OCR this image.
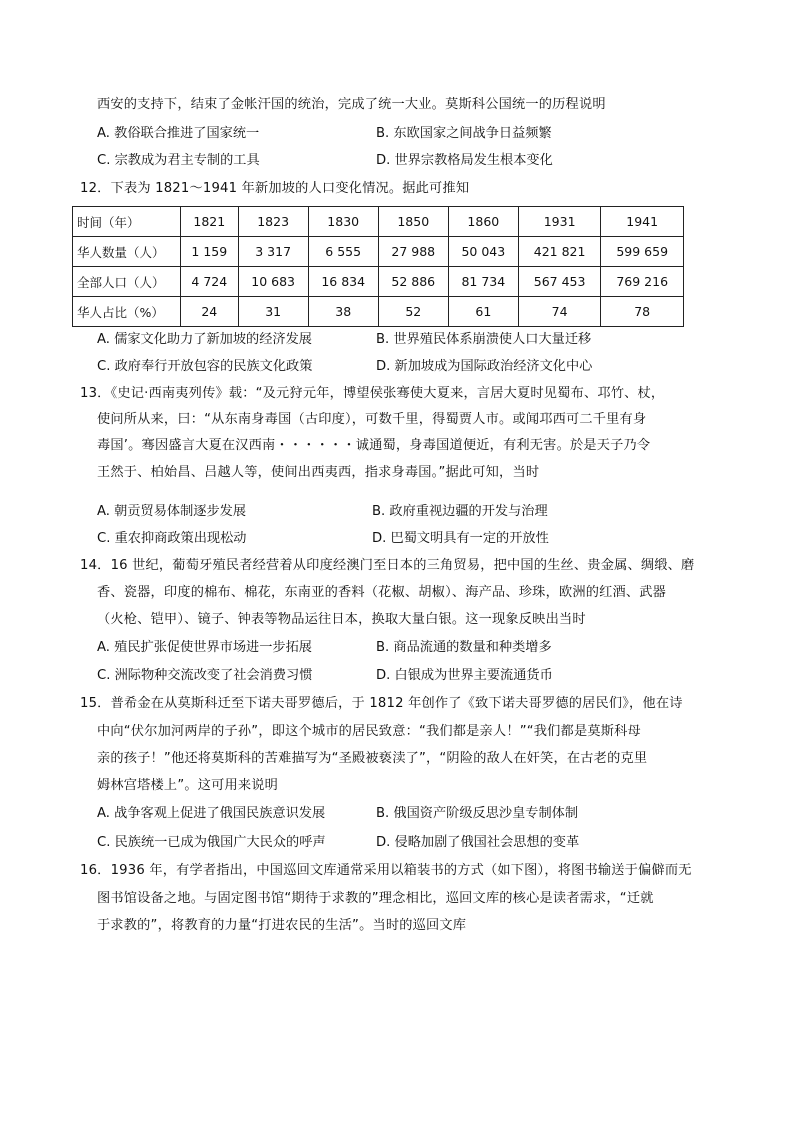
西安的支持下，结束了金帐汗国的统治，完成了统一大业。莫斯科公国统一的历程说明
A. 教俗联合推进了国家统一	B. 东欧国家之间战争日益频繁
C. 宗教成为君主专制的工具	D. 世界宗教格局发生根本变化
12．下表为 1821～1941 年新加坡的人口变化情况。据此可推知
时间（年）	1821	1823	1830	1850	1860	1931	1941
华人数量（人）	1 159	3 317	6 555	27 988	50 043	421 821	599 659
全部人口（人）	4 724	10 683	16 834	52 886	81 734	567 453	769 216
华人占比（%）	24	31	38	52	61	74	78
A. 儒家文化助力了新加坡的经济发展	B. 世界殖民体系崩溃使人口大量迁移
C. 政府奉行开放包容的民族文化政策	D. 新加坡成为国际政治经济文化中心
13．《史记·西南夷列传》载：“及元狩元年，博望侯张骞使大夏来，言居大夏时见蜀布、邛竹、杖，
使问所从来，曰：“从东南身毒国（古印度），可数千里，得蜀贾人市。或闻邛西可二千里有身
毒国’。骞因盛言大夏在汉西南・・・・・・诚通蜀，身毒国道便近，有利无害。於是天子乃令
王然于、柏始昌、吕越人等，使间出西夷西，指求身毒国。”据此可知，当时
A. 朝贡贸易体制逐步发展	B. 政府重视边疆的开发与治理
C. 重农抑商政策出现松动	D. 巴蜀文明具有一定的开放性
14．16 世纪，葡萄牙殖民者经营着从印度经澳门至日本的三角贸易，把中国的生丝、贵金属、绸缎、磨
香、瓷器，印度的棉布、棉花，东南亚的香料（花椒、胡椒）、海产品、珍珠，欧洲的红酒、武器
（火枪、铠甲）、镜子、钟表等物品运往日本，换取大量白银。这一现象反映出当时
A. 殖民扩张促使世界市场进一步拓展	B. 商品流通的数量和种类增多
C. 洲际物种交流改变了社会消费习惯	D. 白银成为世界主要流通货币
15．普希金在从莫斯科迁至下诺夫哥罗德后，于 1812 年创作了《致下诺夫哥罗德的居民们》，他在诗
中向“伏尔加河两岸的子孙”，即这个城市的居民致意：“我们都是亲人！”“我们都是莫斯科母
亲的孩子！”他还将莫斯科的苦难描写为“圣殿被亵渎了”，“阴险的敌人在奸笑，在古老的克里
姆林宫塔楼上”。这可用来说明
A. 战争客观上促进了俄国民族意识发展	B. 俄国资产阶级反思沙皇专制体制
C. 民族统一已成为俄国广大民众的呼声	D. 侵略加剧了俄国社会思想的变革
16．1936 年，有学者指出，中国巡回文库通常采用以箱装书的方式（如下图），将图书输送于偏僻而无
图书馆设备之地。与固定图书馆“期待于求教的”理念相比，巡回文库的核心是读者需求，“迁就
于求教的”，将教育的力量“打进农民的生活”。当时的巡回文库
